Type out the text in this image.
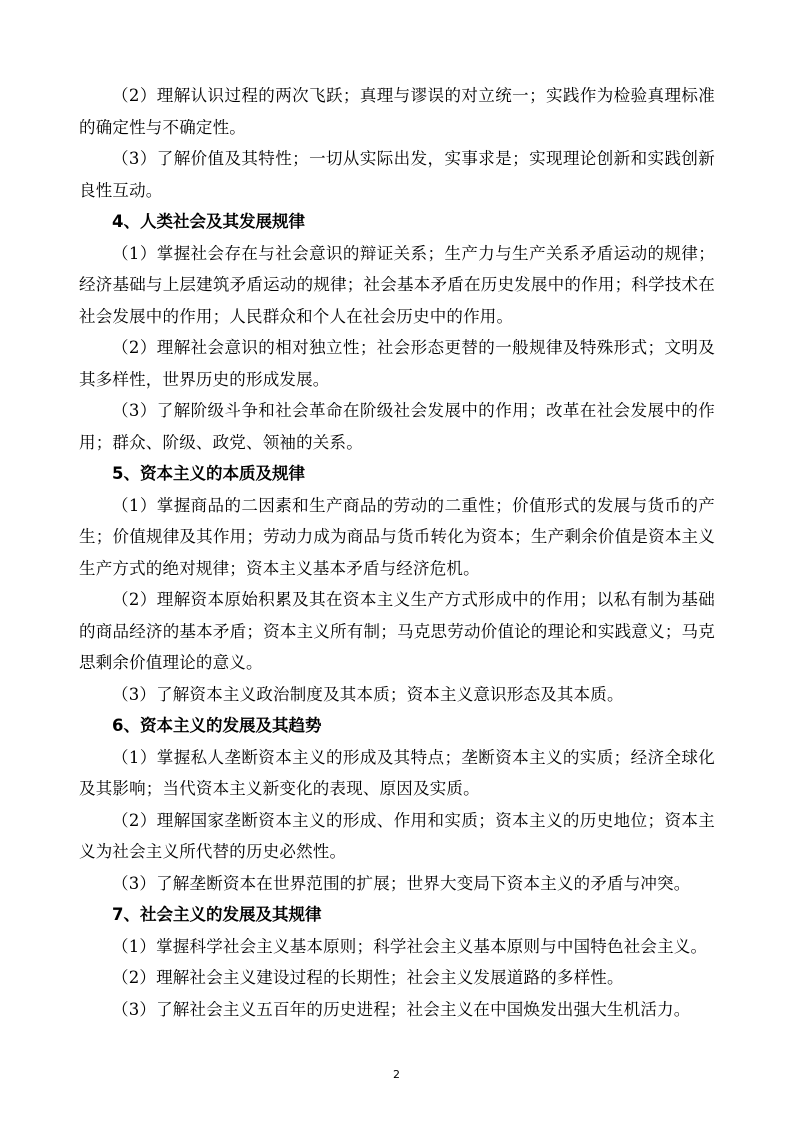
（2）理解认识过程的两次飞跃；真理与谬误的对立统一；实践作为检验真理标准的确定性与不确定性。

（3）了解价值及其特性；一切从实际出发，实事求是；实现理论创新和实践创新良性互动。

4、人类社会及其发展规律

（1）掌握社会存在与社会意识的辩证关系；生产力与生产关系矛盾运动的规律；经济基础与上层建筑矛盾运动的规律；社会基本矛盾在历史发展中的作用；科学技术在社会发展中的作用；人民群众和个人在社会历史中的作用。

（2）理解社会意识的相对独立性；社会形态更替的一般规律及特殊形式；文明及其多样性，世界历史的形成发展。

（3）了解阶级斗争和社会革命在阶级社会发展中的作用；改革在社会发展中的作用；群众、阶级、政党、领袖的关系。

5、资本主义的本质及规律

（1）掌握商品的二因素和生产商品的劳动的二重性；价值形式的发展与货币的产生；价值规律及其作用；劳动力成为商品与货币转化为资本；生产剩余价值是资本主义生产方式的绝对规律；资本主义基本矛盾与经济危机。

（2）理解资本原始积累及其在资本主义生产方式形成中的作用；以私有制为基础的商品经济的基本矛盾；资本主义所有制；马克思劳动价值论的理论和实践意义；马克思剩余价值理论的意义。

（3）了解资本主义政治制度及其本质；资本主义意识形态及其本质。

6、资本主义的发展及其趋势

（1）掌握私人垄断资本主义的形成及其特点；垄断资本主义的实质；经济全球化及其影响；当代资本主义新变化的表现、原因及实质。

（2）理解国家垄断资本主义的形成、作用和实质；资本主义的历史地位；资本主义为社会主义所代替的历史必然性。

（3）了解垄断资本在世界范围的扩展；世界大变局下资本主义的矛盾与冲突。

7、社会主义的发展及其规律

（1）掌握科学社会主义基本原则；科学社会主义基本原则与中国特色社会主义。

（2）理解社会主义建设过程的长期性；社会主义发展道路的多样性。

（3）了解社会主义五百年的历史进程；社会主义在中国焕发出强大生机活力。

2
